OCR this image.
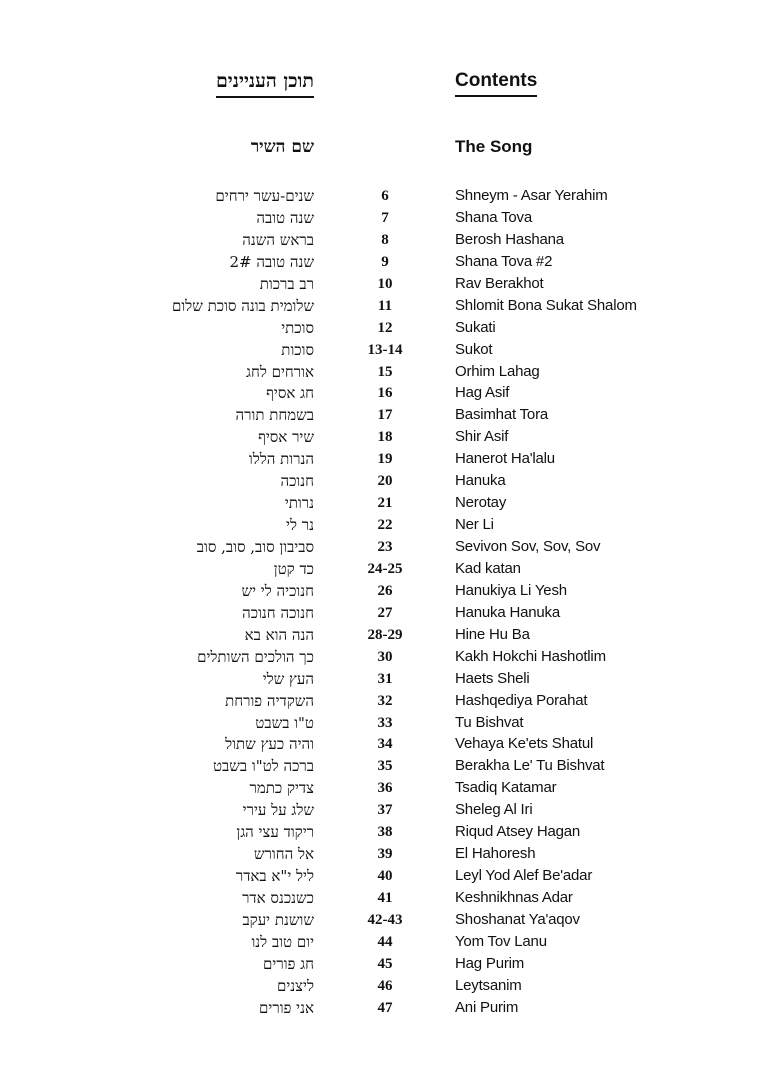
תוכן העניינים	Contents
שם השיר	The Song
שנים-עשר ירחים	6	Shneym - Asar Yerahim
שנה טובה	7	Shana Tova
בראש השנה	8	Berosh Hashana
שנה טובה 2#	9	Shana Tova #2
רב ברכות	10	Rav Berakhot
שלומית בונה סוכת שלום	11	Shlomit Bona Sukat Shalom
סוכתי	12	Sukati
סוכות	13-14	Sukot
אורחים לחג	15	Orhim Lahag
חג אסיף	16	Hag Asif
בשמחת תורה	17	Basimhat Tora
שיר אסיף	18	Shir Asif
הנרות הללו	19	Hanerot Ha'lalu
חנוכה	20	Hanuka
נרותי	21	Nerotay
נר לי	22	Ner Li
סביבון סוב, סוב, סוב	23	Sevivon Sov, Sov, Sov
כד קטן	24-25	Kad katan
חנוכיה לי יש	26	Hanukiya Li Yesh
חנוכה חנוכה	27	Hanuka Hanuka
הנה הוא בא	28-29	Hine Hu Ba
כך הולכים השותלים	30	Kakh Hokchi Hashotlim
העץ שלי	31	Haets Sheli
השקדיה פורחת	32	Hashqediya Porahat
ט"ו בשבט	33	Tu Bishvat
והיה כעץ שתול	34	Vehaya Ke'ets Shatul
ברכה לט"ו בשבט	35	Berakha Le' Tu Bishvat
צדיק כתמר	36	Tsadiq Katamar
שלג על עירי	37	Sheleg Al Iri
ריקוד עצי הגן	38	Riqud Atsey Hagan
אל החורש	39	El Hahoresh
ליל י"א באדר	40	Leyl Yod Alef Be'adar
כשנכנס אדר	41	Keshnikhnas Adar
שושנת יעקב	42-43	Shoshanat Ya'aqov
יום טוב לנו	44	Yom Tov Lanu
חג פורים	45	Hag Purim
ליצנים	46	Leytsanim
אני פורים	47	Ani Purim
